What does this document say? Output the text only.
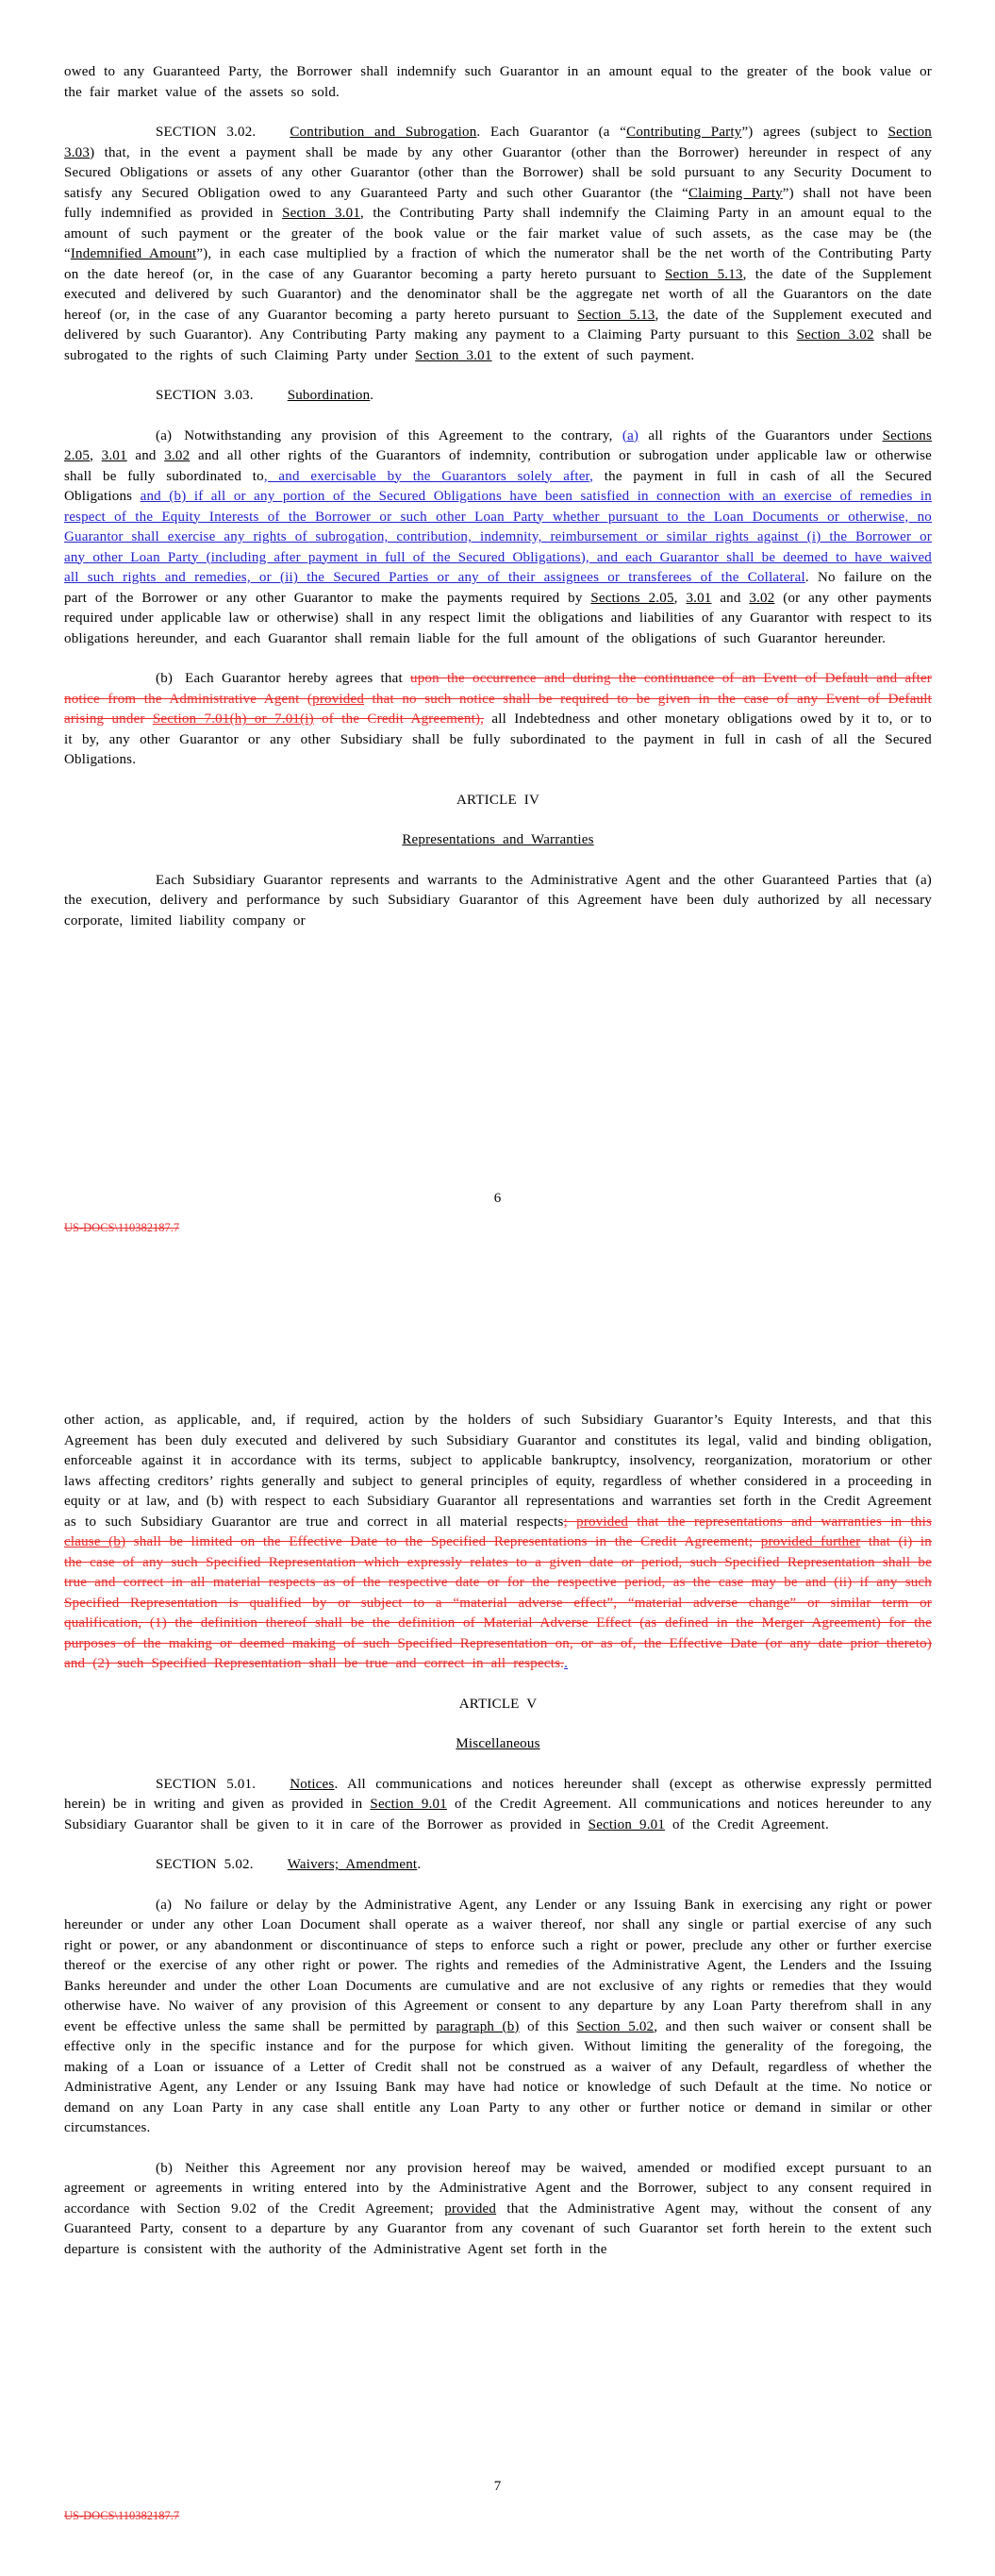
owed to any Guaranteed Party, the Borrower shall indemnify such Guarantor in an amount equal to the greater of the book value or the fair market value of the assets so sold.

SECTION 3.02. Contribution and Subrogation. Each Guarantor (a “Contributing Party”) agrees (subject to Section 3.03) that, in the event a payment shall be made by any other Guarantor (other than the Borrower) hereunder in respect of any Secured Obligations or assets of any other Guarantor (other than the Borrower) shall be sold pursuant to any Security Document to satisfy any Secured Obligation owed to any Guaranteed Party and such other Guarantor (the “Claiming Party”) shall not have been fully indemnified as provided in Section 3.01, the Contributing Party shall indemnify the Claiming Party in an amount equal to the amount of such payment or the greater of the book value or the fair market value of such assets, as the case may be (the “Indemnified Amount”), in each case multiplied by a fraction of which the numerator shall be the net worth of the Contributing Party on the date hereof (or, in the case of any Guarantor becoming a party hereto pursuant to Section 5.13, the date of the Supplement executed and delivered by such Guarantor) and the denominator shall be the aggregate net worth of all the Guarantors on the date hereof (or, in the case of any Guarantor becoming a party hereto pursuant to Section 5.13, the date of the Supplement executed and delivered by such Guarantor). Any Contributing Party making any payment to a Claiming Party pursuant to this Section 3.02 shall be subrogated to the rights of such Claiming Party under Section 3.01 to the extent of such payment.

SECTION 3.03. Subordination.

(a) Notwithstanding any provision of this Agreement to the contrary, (a) all rights of the Guarantors under Sections 2.05, 3.01 and 3.02 and all other rights of the Guarantors of indemnity, contribution or subrogation under applicable law or otherwise shall be fully subordinated to, and exercisable by the Guarantors solely after, the payment in full in cash of all the Secured Obligations and (b) if all or any portion of the Secured Obligations have been satisfied in connection with an exercise of remedies in respect of the Equity Interests of the Borrower or such other Loan Party whether pursuant to the Loan Documents or otherwise, no Guarantor shall exercise any rights of subrogation, contribution, indemnity, reimbursement or similar rights against (i) the Borrower or any other Loan Party (including after payment in full of the Secured Obligations), and each Guarantor shall be deemed to have waived all such rights and remedies, or (ii) the Secured Parties or any of their assignees or transferees of the Collateral. No failure on the part of the Borrower or any other Guarantor to make the payments required by Sections 2.05, 3.01 and 3.02 (or any other payments required under applicable law or otherwise) shall in any respect limit the obligations and liabilities of any Guarantor with respect to its obligations hereunder, and each Guarantor shall remain liable for the full amount of the obligations of such Guarantor hereunder.

(b) Each Guarantor hereby agrees that upon the occurrence and during the continuance of an Event of Default and after notice from the Administrative Agent (provided that no such notice shall be required to be given in the case of any Event of Default arising under Section 7.01(h) or 7.01(i) of the Credit Agreement), all Indebtedness and other monetary obligations owed by it to, or to it by, any other Guarantor or any other Subsidiary shall be fully subordinated to the payment in full in cash of all the Secured Obligations.

ARTICLE IV

Representations and Warranties

Each Subsidiary Guarantor represents and warrants to the Administrative Agent and the other Guaranteed Parties that (a) the execution, delivery and performance by such Subsidiary Guarantor of this Agreement have been duly authorized by all necessary corporate, limited liability company or

6
US-DOCS\110382187.7

other action, as applicable, and, if required, action by the holders of such Subsidiary Guarantor’s Equity Interests, and that this Agreement has been duly executed and delivered by such Subsidiary Guarantor and constitutes its legal, valid and binding obligation, enforceable against it in accordance with its terms, subject to applicable bankruptcy, insolvency, reorganization, moratorium or other laws affecting creditors’ rights generally and subject to general principles of equity, regardless of whether considered in a proceeding in equity or at law, and (b) with respect to each Subsidiary Guarantor all representations and warranties set forth in the Credit Agreement as to such Subsidiary Guarantor are true and correct in all material respects; provided that the representations and warranties in this clause (b) shall be limited on the Effective Date to the Specified Representations in the Credit Agreement; provided further that (i) in the case of any such Specified Representation which expressly relates to a given date or period, such Specified Representation shall be true and correct in all material respects as of the respective date or for the respective period, as the case may be and (ii) if any such Specified Representation is qualified by or subject to a “material adverse effect”, “material adverse change” or similar term or qualification, (1) the definition thereof shall be the definition of Material Adverse Effect (as defined in the Merger Agreement) for the purposes of the making or deemed making of such Specified Representation on, or as of, the Effective Date (or any date prior thereto) and (2) such Specified Representation shall be true and correct in all respects..

ARTICLE V

Miscellaneous

SECTION 5.01. Notices. All communications and notices hereunder shall (except as otherwise expressly permitted herein) be in writing and given as provided in Section 9.01 of the Credit Agreement. All communications and notices hereunder to any Subsidiary Guarantor shall be given to it in care of the Borrower as provided in Section 9.01 of the Credit Agreement.

SECTION 5.02. Waivers; Amendment.

(a) No failure or delay by the Administrative Agent, any Lender or any Issuing Bank in exercising any right or power hereunder or under any other Loan Document shall operate as a waiver thereof, nor shall any single or partial exercise of any such right or power, or any abandonment or discontinuance of steps to enforce such a right or power, preclude any other or further exercise thereof or the exercise of any other right or power. The rights and remedies of the Administrative Agent, the Lenders and the Issuing Banks hereunder and under the other Loan Documents are cumulative and are not exclusive of any rights or remedies that they would otherwise have. No waiver of any provision of this Agreement or consent to any departure by any Loan Party therefrom shall in any event be effective unless the same shall be permitted by paragraph (b) of this Section 5.02, and then such waiver or consent shall be effective only in the specific instance and for the purpose for which given. Without limiting the generality of the foregoing, the making of a Loan or issuance of a Letter of Credit shall not be construed as a waiver of any Default, regardless of whether the Administrative Agent, any Lender or any Issuing Bank may have had notice or knowledge of such Default at the time. No notice or demand on any Loan Party in any case shall entitle any Loan Party to any other or further notice or demand in similar or other circumstances.

(b) Neither this Agreement nor any provision hereof may be waived, amended or modified except pursuant to an agreement or agreements in writing entered into by the Administrative Agent and the Borrower, subject to any consent required in accordance with Section 9.02 of the Credit Agreement; provided that the Administrative Agent may, without the consent of any Guaranteed Party, consent to a departure by any Guarantor from any covenant of such Guarantor set forth herein to the extent such departure is consistent with the authority of the Administrative Agent set forth in the

7
US-DOCS\110382187.7
